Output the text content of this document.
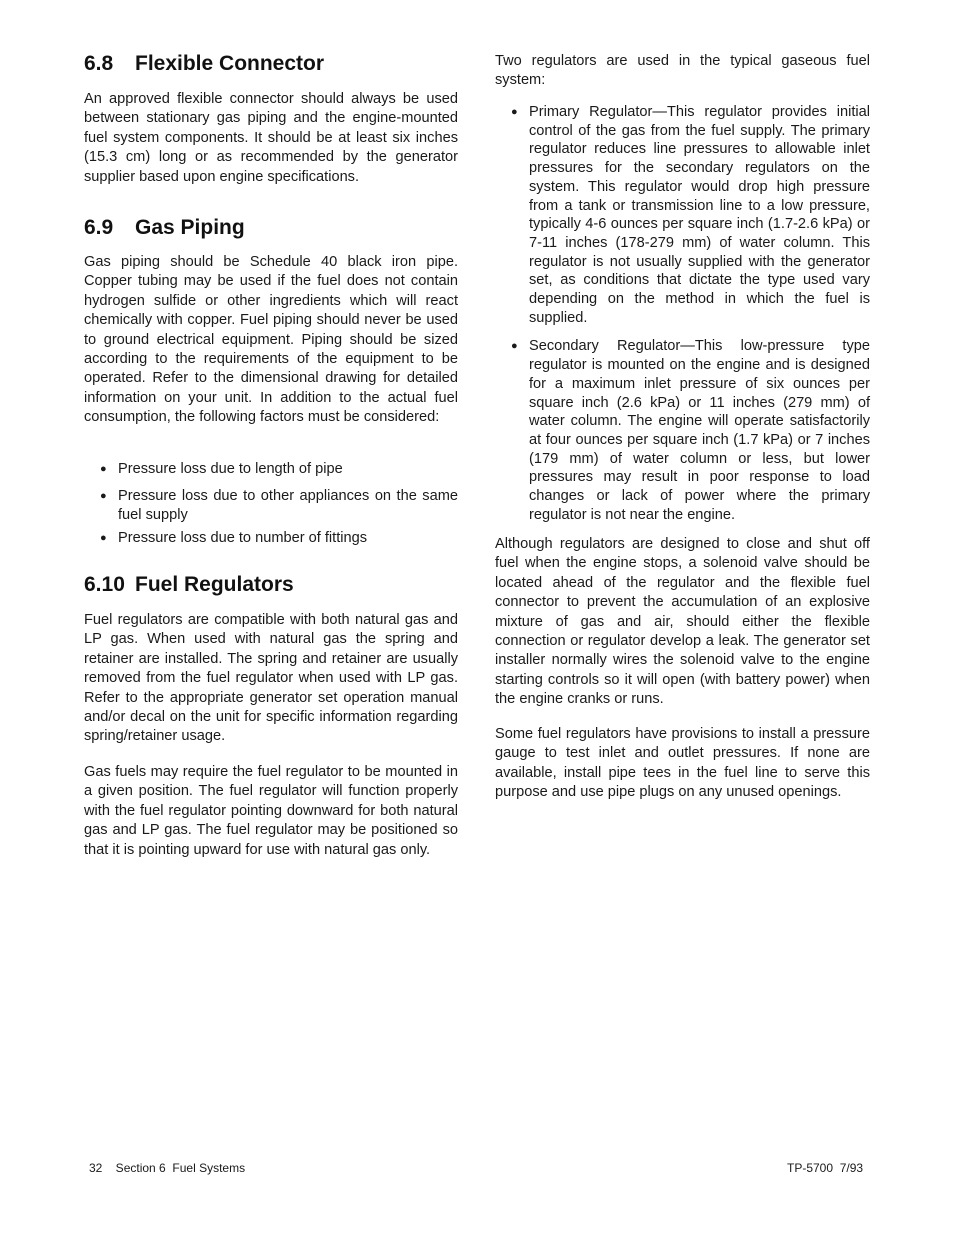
6.8 Flexible Connector

An approved flexible connector should always be used between stationary gas piping and the engine-mounted fuel system components. It should be at least six inches (15.3 cm) long or as recommended by the generator supplier based upon engine specifications.

6.9 Gas Piping

Gas piping should be Schedule 40 black iron pipe. Copper tubing may be used if the fuel does not contain hydrogen sulfide or other ingredients which will react chemically with copper. Fuel piping should never be used to ground electrical equipment. Piping should be sized according to the requirements of the equipment to be operated. Refer to the dimensional drawing for detailed information on your unit. In addition to the actual fuel consumption, the following factors must be considered:

● Pressure loss due to length of pipe
● Pressure loss due to other appliances on the same fuel supply
● Pressure loss due to number of fittings
6.10 Fuel Regulators

Fuel regulators are compatible with both natural gas and LP gas. When used with natural gas the spring and retainer are installed. The spring and retainer are usually removed from the fuel regulator when used with LP gas. Refer to the appropriate generator set operation manual and/or decal on the unit for specific information regarding spring/retainer usage.

Gas fuels may require the fuel regulator to be mounted in a given position. The fuel regulator will function properly with the fuel regulator pointing downward for both natural gas and LP gas. The fuel regulator may be positioned so that it is pointing upward for use with natural gas only.

Two regulators are used in the typical gaseous fuel system:

● Primary Regulator—This regulator provides initial control of the gas from the fuel supply. The primary regulator reduces line pressures to allowable inlet pressures for the secondary regulators on the system. This regulator would drop high pressure from a tank or transmission line to a low pressure, typically 4-6 ounces per square inch (1.7-2.6 kPa) or 7-11 inches (178-279 mm) of water column. This regulator is not usually supplied with the generator set, as conditions that dictate the type used vary depending on the method in which the fuel is supplied.
● Secondary Regulator—This low-pressure type regulator is mounted on the engine and is designed for a maximum inlet pressure of six ounces per square inch (2.6 kPa) or 11 inches (279 mm) of water column. The engine will operate satisfactorily at four ounces per square inch (1.7 kPa) or 7 inches (179 mm) of water column or less, but lower pressures may result in poor response to load changes or lack of power where the primary regulator is not near the engine.

Although regulators are designed to close and shut off fuel when the engine stops, a solenoid valve should be located ahead of the regulator and the flexible fuel connector to prevent the accumulation of an explosive mixture of gas and air, should either the flexible connection or regulator develop a leak. The generator set installer normally wires the solenoid valve to the engine starting controls so it will open (with battery power) when the engine cranks or runs.

Some fuel regulators have provisions to install a pressure gauge to test inlet and outlet pressures. If none are available, install pipe tees in the fuel line to serve this purpose and use pipe plugs on any unused openings.

32    Section 6  Fuel Systems	TP-5700  7/93
